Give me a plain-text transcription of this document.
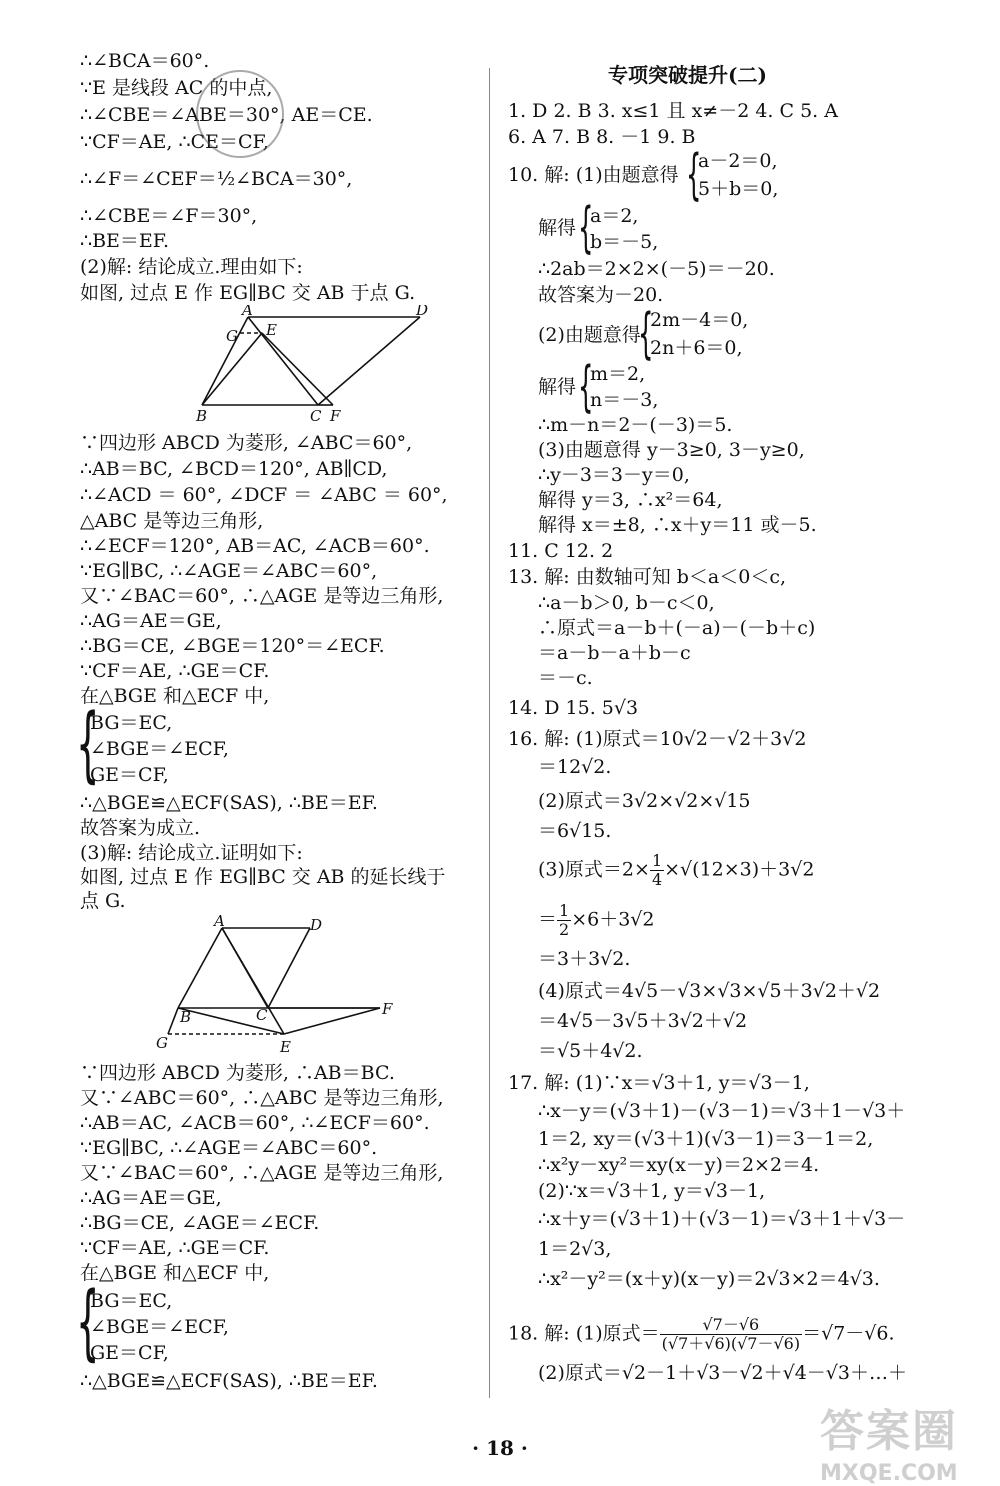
∴∠BCA＝60°.
∵E 是线段 AC 的中点,
∴∠CBE＝∠ABE＝30°, AE＝CE.
∵CF＝AE, ∴CE＝CF,
∴∠F＝∠CEF＝½∠BCA＝30°,
∴∠CBE＝∠F＝30°,
∴BE＝EF.
(2)解: 结论成立.理由如下:
如图, 过点 E 作 EG∥BC 交 AB 于点 G.
A	D
G E
B	C F
∵四边形 ABCD 为菱形, ∠ABC＝60°,
∴AB＝BC, ∠BCD＝120°, AB∥CD,
∴∠ACD ＝ 60°, ∠DCF ＝ ∠ABC ＝ 60°,
△ABC 是等边三角形,
∴∠ECF＝120°, AB＝AC, ∠ACB＝60°.
∵EG∥BC, ∴∠AGE＝∠ABC＝60°,
又∵∠BAC＝60°, ∴△AGE 是等边三角形,
∴AG＝AE＝GE,
∴BG＝CE, ∠BGE＝120°＝∠ECF.
∵CF＝AE, ∴GE＝CF.
在△BGE 和△ECF 中,
{
BG＝EC,
∠BGE＝∠ECF,
GE＝CF,
∴△BGE≌△ECF(SAS), ∴BE＝EF.
故答案为成立.
(3)解: 结论成立.证明如下:
如图, 过点 E 作 EG∥BC 交 AB 的延长线于
点 G.
A	D
B	C	F
G	E
∵四边形 ABCD 为菱形, ∴AB＝BC.
又∵∠ABC＝60°, ∴△ABC 是等边三角形,
∴AB＝AC, ∠ACB＝60°, ∴∠ECF＝60°.
∵EG∥BC, ∴∠AGE＝∠ABC＝60°.
又∵∠BAC＝60°, ∴△AGE 是等边三角形,
∴AG＝AE＝GE,
∴BG＝CE, ∠AGE＝∠ECF.
∵CF＝AE, ∴GE＝CF.
在△BGE 和△ECF 中,
{
BG＝EC,
∠BGE＝∠ECF,
GE＝CF,
∴△BGE≌△ECF(SAS), ∴BE＝EF.
专项突破提升(二)
1. D 2. B 3. x≤1 且 x≠－2 4. C 5. A
6. A 7. B 8. －1 9. B
10. 解: (1)由题意得 {
a－2＝0,
5＋b＝0,
解得 {
a＝2,
b＝－5,
∴2ab＝2×2×(－5)＝－20.
故答案为－20.
(2)由题意得
{
2m－4＝0,
2n＋6＝0,
解得 {
m＝2,
n＝－3,
∴m－n＝2－(－3)＝5.
(3)由题意得 y－3≥0, 3－y≥0,
∴y－3＝3－y＝0,
解得 y＝3, ∴x²＝64,
解得 x＝±8, ∴x＋y＝11 或－5.
11. C 12. 2
13. 解: 由数轴可知 b＜a＜0＜c,
∴a－b＞0, b－c＜0,
∴原式＝a－b＋(－a)－(－b＋c)
＝a－b－a＋b－c
＝－c.
14. D 15. 5√3
16. 解: (1)原式＝10√2－√2＋3√2
＝12√2.
(2)原式＝3√2×√2×√15
＝6√15.
(3)原式$=2\times \frac{1}{4} \times√(12\times 3)+3√2$
＝ $\frac{1}{2} \times 6+3√2$
＝3＋3√2.
(4)原式＝4√5－√3×√3×√5＋3√2＋√2
＝4√5－3√5＋3√2＋√2
＝√5＋4√2.
17. 解: (1)∵x＝√3＋1, y＝√3－1,
∴x－y＝(√3＋1)－(√3－1)＝√3＋1－√3＋
1＝2, xy＝(√3＋1)(√3－1)＝3－1＝2,
∴x²y－xy²＝xy(x－y)＝2×2＝4.
(2)∵x＝√3＋1, y＝√3－1,
∴x＋y＝(√3＋1)＋(√3－1)＝√3＋1＋√3－
1＝2√3,
∴x²－y²＝(x＋y)(x－y)＝2√3×2＝4√3.
18. 解: (1)原式＝ $\frac{√7-√6}{(√7+√6)(√7-√6)} =√7-√6$.
(2)原式＝√2－1＋√3－√2＋√4－√3＋…＋
· 18 ·	答案圈
MXQE.COM
